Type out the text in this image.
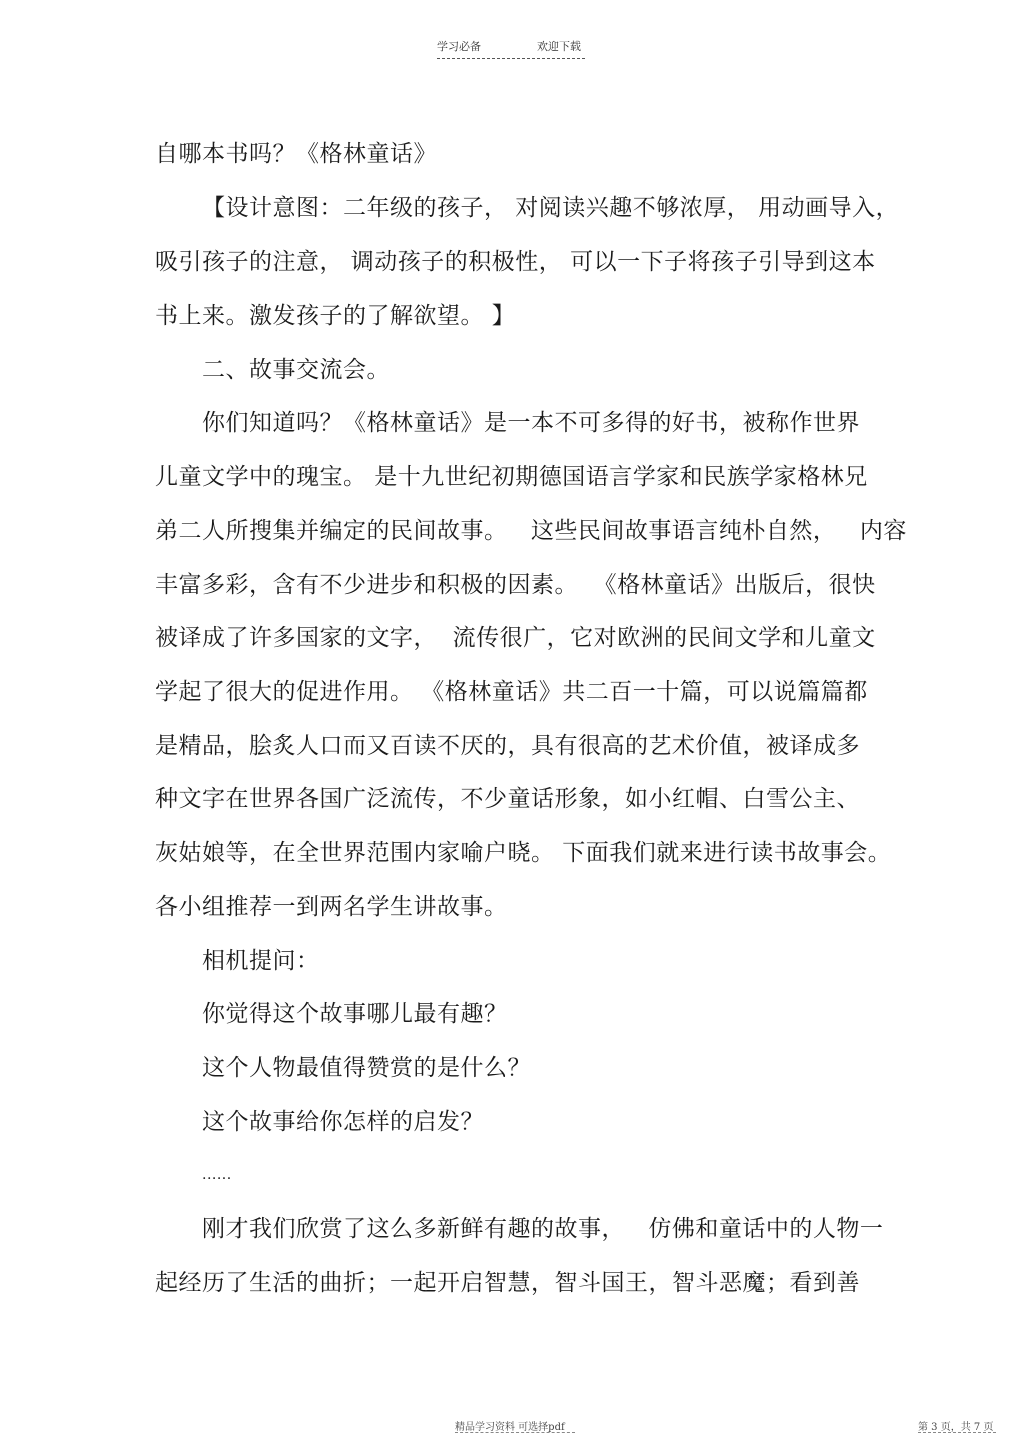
学习必备	欢迎下载
自哪本书吗？《格林童话》
【设计意图：二年级的孩子， 对阅读兴趣不够浓厚， 用动画导入，
吸引孩子的注意， 调动孩子的积极性， 可以一下子将孩子引导到这本
书上来。激发孩子的了解欲望。 】
二、故事交流会。
你们知道吗？《格林童话》是一本不可多得的好书，被称作世界
儿童文学中的瑰宝。 是十九世纪初期德国语言学家和民族学家格林兄
弟二人所搜集并编定的民间故事。   这些民间故事语言纯朴自然，   内容
丰富多彩，含有不少进步和积极的因素。  《格林童话》出版后，很快
被译成了许多国家的文字，  流传很广，它对欧洲的民间文学和儿童文
学起了很大的促进作用。 《格林童话》共二百一十篇，可以说篇篇都
是精品，脍炙人口而又百读不厌的，具有很高的艺术价值，被译成多
种文字在世界各国广泛流传，不少童话形象，如小红帽、白雪公主、
灰姑娘等，在全世界范围内家喻户晓。 下面我们就来进行读书故事会。
各小组推荐一到两名学生讲故事。
相机提问：
你觉得这个故事哪儿最有趣？
这个人物最值得赞赏的是什么？
这个故事给你怎样的启发？
......
刚才我们欣赏了这么多新鲜有趣的故事，   仿佛和童话中的人物一
起经历了生活的曲折；一起开启智慧，智斗国王，智斗恶魔；看到善
精品学习资料 可选择pdf	第 3 页，共 7 页
